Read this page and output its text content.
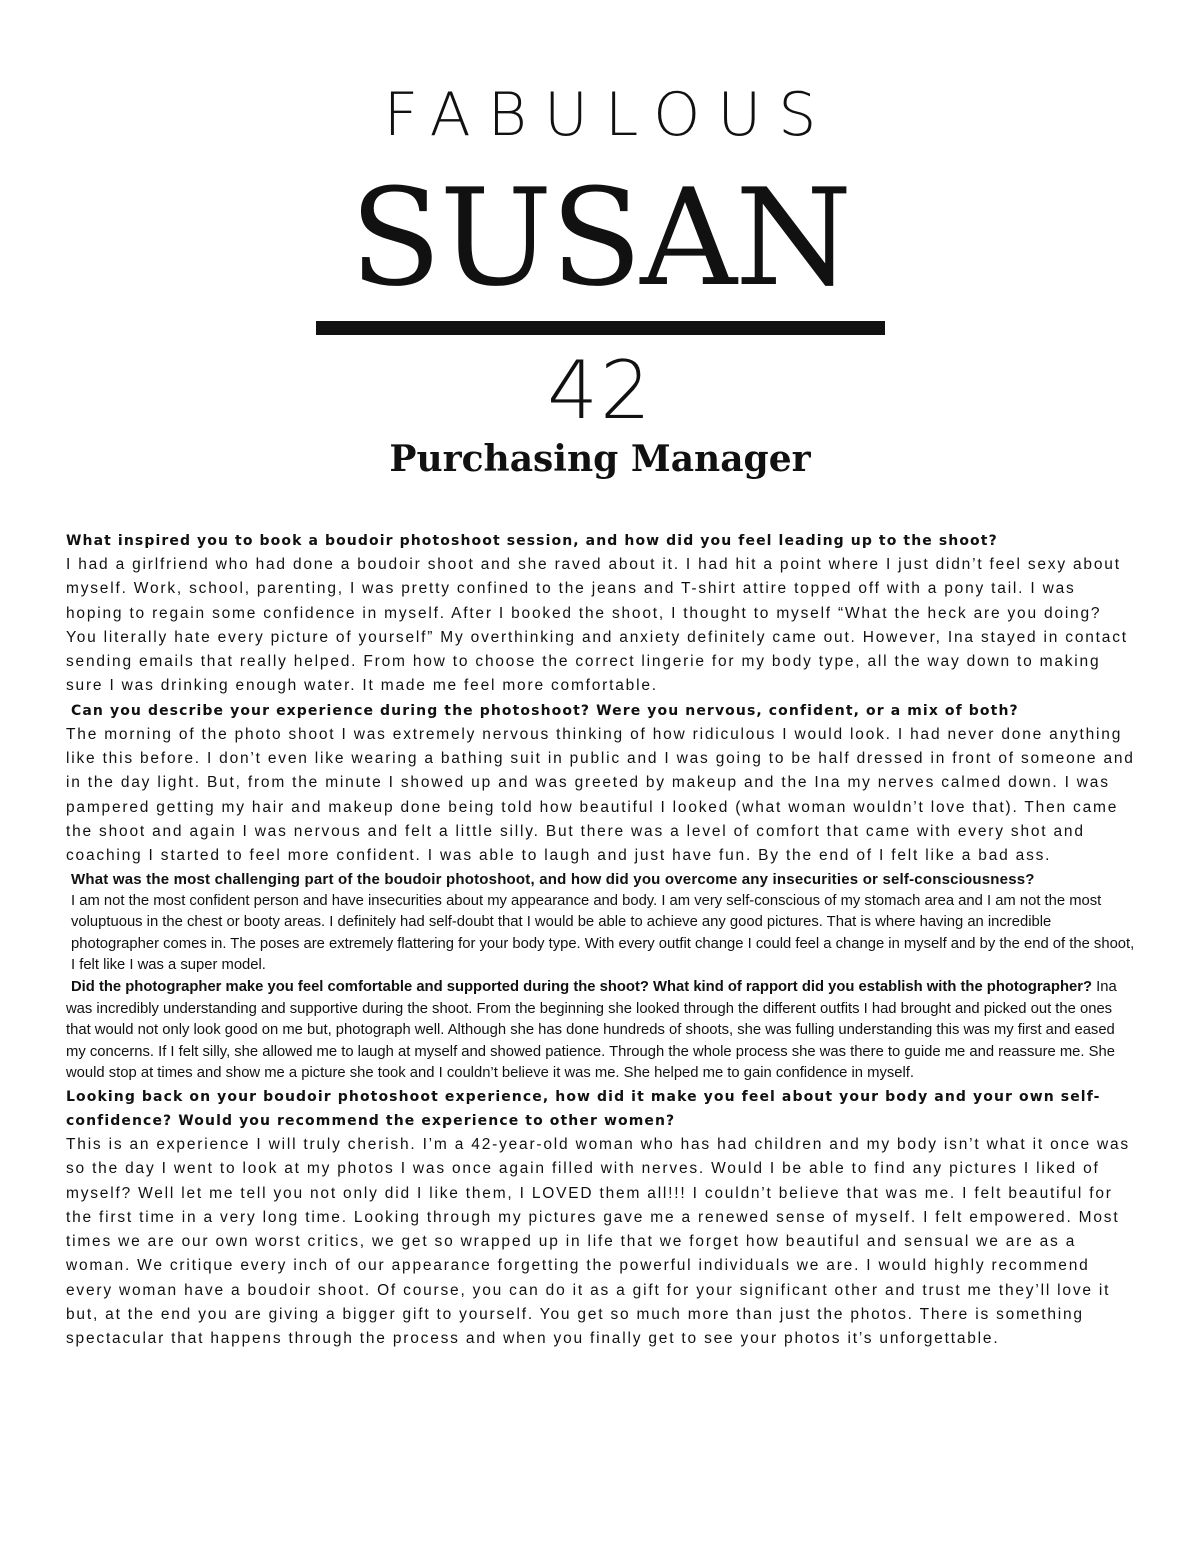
FABULOUS
SUSAN
42
Purchasing Manager

What inspired you to book a boudoir photoshoot session, and how did you feel leading up to the shoot?

I had a girlfriend who had done a boudoir shoot and she raved about it. I had hit a point where I just didn’t feel sexy about myself. Work, school, parenting, I was pretty confined to the jeans and T-shirt attire topped off with a pony tail. I was hoping to regain some confidence in myself. After I booked the shoot, I thought to myself “What the heck are you doing? You literally hate every picture of yourself” My overthinking and anxiety definitely came out. However, Ina stayed in contact sending emails that really helped. From how to choose the correct lingerie for my body type, all the way down to making sure I was drinking enough water. It made me feel more comfortable.

Can you describe your experience during the photoshoot? Were you nervous, confident, or a mix of both?

The morning of the photo shoot I was extremely nervous thinking of how ridiculous I would look. I had never done anything like this before. I don’t even like wearing a bathing suit in public and I was going to be half dressed in front of someone and in the day light. But, from the minute I showed up and was greeted by makeup and the Ina my nerves calmed down. I was pampered getting my hair and makeup done being told how beautiful I looked (what woman wouldn’t love that). Then came the shoot and again I was nervous and felt a little silly. But there was a level of comfort that came with every shot and coaching I started to feel more confident. I was able to laugh and just have fun. By the end of I felt like a bad ass.

What was the most challenging part of the boudoir photoshoot, and how did you overcome any insecurities or self-consciousness?

I am not the most confident person and have insecurities about my appearance and body. I am very self-conscious of my stomach area and I am not the most voluptuous in the chest or booty areas. I definitely had self-doubt that I would be able to achieve any good pictures. That is where having an incredible photographer comes in. The poses are extremely flattering for your body type. With every outfit change I could feel a change in myself and by the end of the shoot, I felt like I was a super model.

Did the photographer make you feel comfortable and supported during the shoot? What kind of rapport did you establish with the photographer? Ina was incredibly understanding and supportive during the shoot. From the beginning she looked through the different outfits I had brought and picked out the ones that would not only look good on me but, photograph well. Although she has done hundreds of shoots, she was fulling understanding this was my first and eased my concerns. If I felt silly, she allowed me to laugh at myself and showed patience. Through the whole process she was there to guide me and reassure me. She would stop at times and show me a picture she took and I couldn’t believe it was me. She helped me to gain confidence in myself.

Looking back on your boudoir photoshoot experience, how did it make you feel about your body and your own self-confidence? Would you recommend the experience to other women?

This is an experience I will truly cherish. I’m a 42-year-old woman who has had children and my body isn’t what it once was so the day I went to look at my photos I was once again filled with nerves. Would I be able to find any pictures I liked of myself? Well let me tell you not only did I like them, I LOVED them all!!! I couldn’t believe that was me. I felt beautiful for the first time in a very long time. Looking through my pictures gave me a renewed sense of myself. I felt empowered. Most times we are our own worst critics, we get so wrapped up in life that we forget how beautiful and sensual we are as a woman. We critique every inch of our appearance forgetting the powerful individuals we are. I would highly recommend every woman have a boudoir shoot. Of course, you can do it as a gift for your significant other and trust me they’ll love it but, at the end you are giving a bigger gift to yourself. You get so much more than just the photos. There is something spectacular that happens through the process and when you finally get to see your photos it’s unforgettable.
